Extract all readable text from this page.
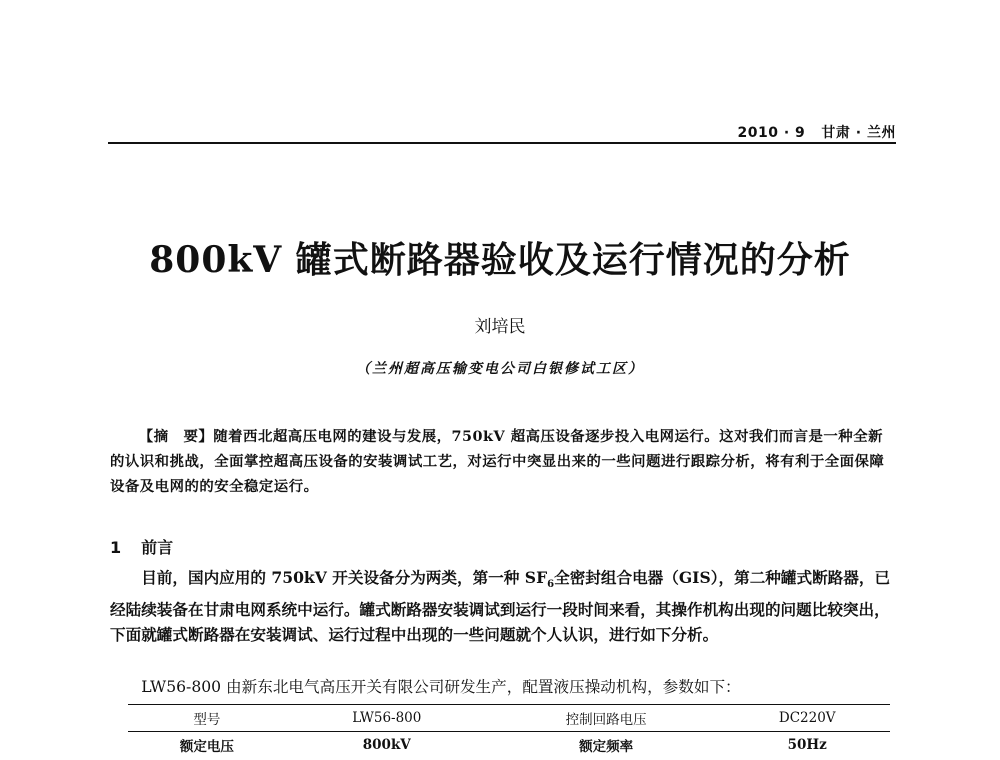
2010 · 9 甘肃 · 兰州
800kV 罐式断路器验收及运行情况的分析
刘培民
（兰州超高压输变电公司白银修试工区）
【摘　要】随着西北超高压电网的建设与发展，750kV 超高压设备逐步投入电网运行。这对我们而言是一种全新的认识和挑战，全面掌控超高压设备的安装调试工艺，对运行中突显出来的一些问题进行跟踪分析，将有利于全面保障设备及电网的的安全稳定运行。
1 前言
目前，国内应用的 750kV 开关设备分为两类，第一种 $SF_6$全密封组合电器（GIS），第二种罐式断路器，已经陆续装备在甘肃电网系统中运行。罐式断路器安装调试到运行一段时间来看，其操作机构出现的问题比较突出，下面就罐式断路器在安装调试、运行过程中出现的一些问题就个人认识，进行如下分析。
LW56-800 由新东北电气高压开关有限公司研发生产，配置液压操动机构，参数如下：
型号	LW56-800	控制回路电压	DC220V
额定电压	800kV	额定频率	50Hz
